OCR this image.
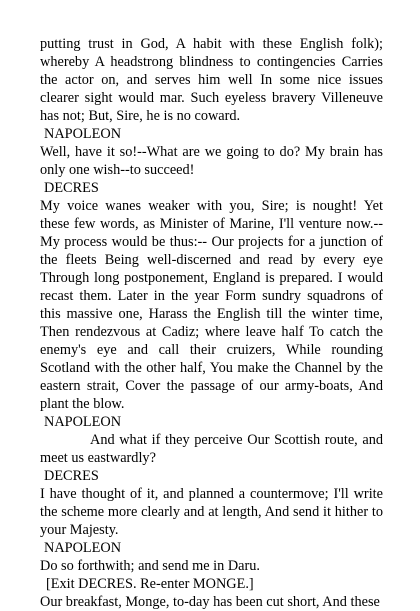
putting trust in God, A habit with these English folk); whereby A headstrong blindness to contingencies Carries the actor on, and serves him well In some nice issues clearer sight would mar. Such eyeless bravery Villeneuve has not; But, Sire, he is no coward.

NAPOLEON

Well, have it so!--What are we going to do? My brain has only one wish--to succeed!

DECRES

My voice wanes weaker with you, Sire; is nought! Yet these few words, as Minister of Marine, I'll venture now.--My process would be thus:-- Our projects for a junction of the fleets Being well-discerned and read by every eye Through long postponement, England is prepared. I would recast them. Later in the year Form sundry squadrons of this massive one, Harass the English till the winter time, Then rendezvous at Cadiz; where leave half To catch the enemy's eye and call their cruizers, While rounding Scotland with the other half, You make the Channel by the eastern strait, Cover the passage of our army-boats, And plant the blow.

NAPOLEON

And what if they perceive Our Scottish route, and meet us eastwardly?

DECRES

I have thought of it, and planned a countermove; I'll write the scheme more clearly and at length, And send it hither to your Majesty.

NAPOLEON

Do so forthwith; and send me in Daru.

[Exit DECRES. Re-enter MONGE.]

Our breakfast, Monge, to-day has been cut short, And these
